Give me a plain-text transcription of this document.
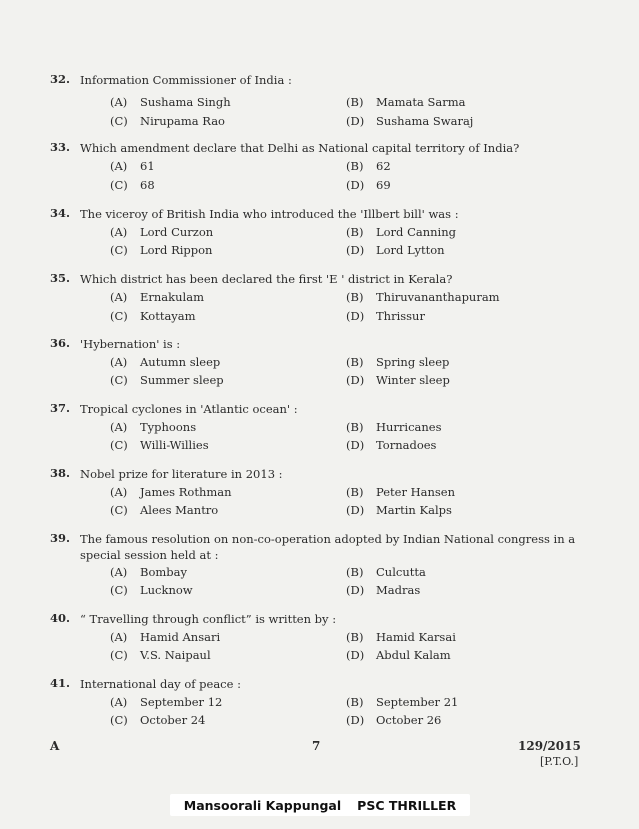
32. Information Commissioner of India :
(A) Sushama Singh	(B) Mamata Sarma
(C) Nirupama Rao	(D) Sushama Swaraj
33. Which amendment declare that Delhi as National capital territory of India?
(A) 61	(B) 62
(C) 68	(D) 69
34. The viceroy of British India who introduced the 'Illbert bill' was :
(A) Lord Curzon	(B) Lord Canning
(C) Lord Rippon	(D) Lord Lytton
35. Which district has been declared the first 'E ' district in Kerala?
(A) Ernakulam	(B) Thiruvananthapuram
(C) Kottayam	(D) Thrissur
36. 'Hybernation' is :
(A) Autumn sleep	(B) Spring sleep
(C) Summer sleep	(D) Winter sleep
37. Tropical cyclones in 'Atlantic ocean' :
(A) Typhoons	(B) Hurricanes
(C) Willi-Willies	(D) Tornadoes
38. Nobel prize for literature in 2013 :
(A) James Rothman	(B) Peter Hansen
(C) Alees Mantro	(D) Martin Kalps
39. The famous resolution on non-co-operation adopted by Indian National congress in a special session held at :
(A) Bombay	(B) Culcutta
(C) Lucknow	(D) Madras
40. “ Travelling through conflict” is written by :
(A) Hamid Ansari	(B) Hamid Karsai
(C) V.S. Naipaul	(D) Abdul Kalam
41. International day of peace :
(A) September 12	(B) September 21
(C) October 24	(D) October 26
A	7	129/2015
[P.T.O.]
Mansoorali Kappungal PSC THRILLER
